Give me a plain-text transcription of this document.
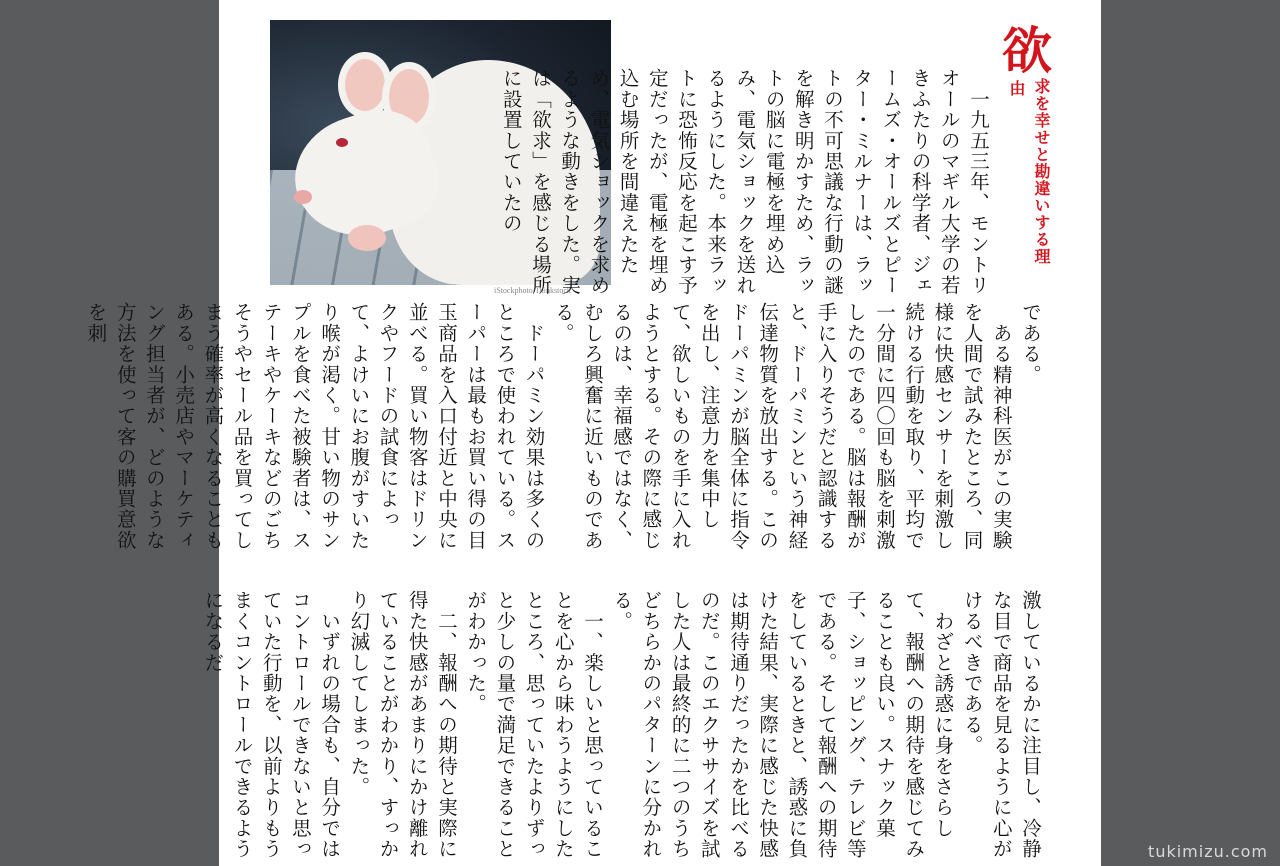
iStockphoto/Thinkstock
欲
求を幸せと勘違いする理
由

　一九五三年、モントリオールのマギル大学の若きふたりの科学者、ジェームズ・オールズとピーター・ミルナーは、ラットの不可思議な行動の謎を解き明かすため、ラットの脳に電極を埋め込み、電気ショックを送れるようにした。本来ラットに恐怖反応を起こす予定だったが、電極を埋め込む場所を間違えたため、電気ショックを求めるような動きをした。実は「欲求」を感じる場所に設置していたの

である。

　ある精神科医がこの実験を人間で試みたところ、同様に快感センサーを刺激し続ける行動を取り、平均で一分間に四〇回も脳を刺激したのである。脳は報酬が手に入りそうだと認識すると、ドーパミンという神経伝達物質を放出する。このドーパミンが脳全体に指令を出し、注意力を集中して、欲しいものを手に入れようとする。その際に感じるのは、幸福感ではなく、むしろ興奮に近いものである。

　ドーパミン効果は多くのところで使われている。スーパーは最もお買い得の目玉商品を入口付近と中央に並べる。買い物客はドリンクやフードの試食によって、よけいにお腹がすいたり喉が渇く。甘い物のサンプルを食べた被験者は、ステーキやケーキなどのごちそうやセール品を買ってしまう確率が高くなることもある。小売店やマーケティング担当者が、どのような方法を使って客の購買意欲を刺

激しているかに注目し、冷静な目で商品を見るように心がけるべきである。

　わざと誘惑に身をさらして、報酬への期待を感じてみることも良い。スナック菓子、ショッピング、テレビ等である。そして報酬への期待をしているときと、誘惑に負けた結果、実際に感じた快感は期待通りだったかを比べるのだ。このエクササイズを試した人は最終的に二つのうちどちらかのパターンに分かれる。

　一、楽しいと思っていることを心から味わうようにしたところ、思っていたよりずっと少しの量で満足できることがわかった。

　二、報酬への期待と実際に得た快感があまりにかけ離れていることがわかり、すっかり幻滅してしまった。

　いずれの場合も、自分ではコントロールできないと思っていた行動を、以前よりもうまくコントロールできるようになるだ

tukimizu.com
